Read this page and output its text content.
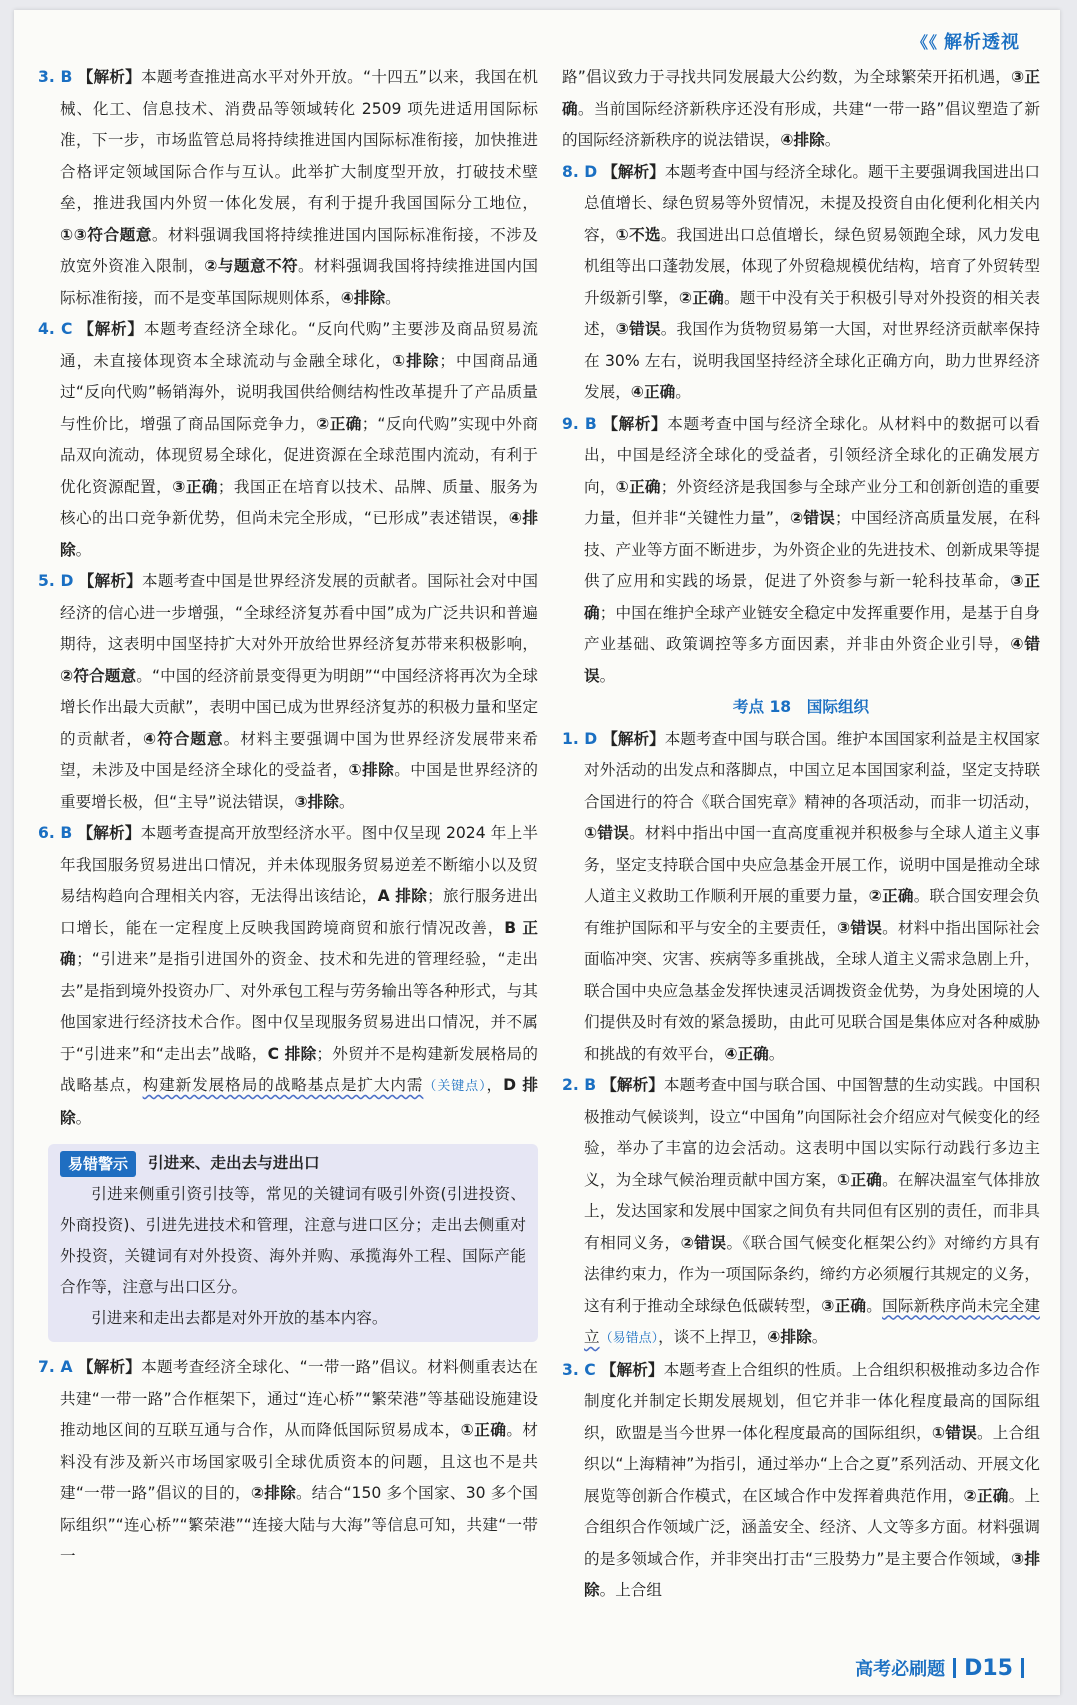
《《 解析透视

3. B 【解析】本题考查推进高水平对外开放。“十四五”以来，我国在机械、化工、信息技术、消费品等领域转化 2509 项先进适用国际标准，下一步，市场监管总局将持续推进国内国际标准衔接，加快推进合格评定领域国际合作与互认。此举扩大制度型开放，打破技术壁垒，推进我国内外贸一体化发展，有利于提升我国国际分工地位，①③符合题意。材料强调我国将持续推进国内国际标准衔接，不涉及放宽外资准入限制，②与题意不符。材料强调我国将持续推进国内国际标准衔接，而不是变革国际规则体系，④排除。

4. C 【解析】本题考查经济全球化。“反向代购”主要涉及商品贸易流通，未直接体现资本全球流动与金融全球化，①排除；中国商品通过“反向代购”畅销海外，说明我国供给侧结构性改革提升了产品质量与性价比，增强了商品国际竞争力，②正确；“反向代购”实现中外商品双向流动，体现贸易全球化，促进资源在全球范围内流动，有利于优化资源配置，③正确；我国正在培育以技术、品牌、质量、服务为核心的出口竞争新优势，但尚未完全形成，“已形成”表述错误，④排除。

5. D 【解析】本题考查中国是世界经济发展的贡献者。国际社会对中国经济的信心进一步增强，“全球经济复苏看中国”成为广泛共识和普遍期待，这表明中国坚持扩大对外开放给世界经济复苏带来积极影响，②符合题意。“中国的经济前景变得更为明朗”“中国经济将再次为全球增长作出最大贡献”，表明中国已成为世界经济复苏的积极力量和坚定的贡献者，④符合题意。材料主要强调中国为世界经济发展带来希望，未涉及中国是经济全球化的受益者，①排除。中国是世界经济的重要增长极，但“主导”说法错误，③排除。

6. B 【解析】本题考查提高开放型经济水平。图中仅呈现 2024 年上半年我国服务贸易进出口情况，并未体现服务贸易逆差不断缩小以及贸易结构趋向合理相关内容，无法得出该结论，A 排除；旅行服务进出口增长，能在一定程度上反映我国跨境商贸和旅行情况改善，B 正确；“引进来”是指引进国外的资金、技术和先进的管理经验，“走出去”是指到境外投资办厂、对外承包工程与劳务输出等各种形式，与其他国家进行经济技术合作。图中仅呈现服务贸易进出口情况，并不属于“引进来”和“走出去”战略，C 排除；外贸并不是构建新发展格局的战略基点，构建新发展格局的战略基点是扩大内需（关键点），D 排除。

易错警示	引进来、走出去与进出口

引进来侧重引资引技等，常见的关键词有吸引外资(引进投资、外商投资)、引进先进技术和管理，注意与进口区分；走出去侧重对外投资，关键词有对外投资、海外并购、承揽海外工程、国际产能合作等，注意与出口区分。

引进来和走出去都是对外开放的基本内容。

7. A 【解析】本题考查经济全球化、“一带一路”倡议。材料侧重表达在共建“一带一路”合作框架下，通过“连心桥”“繁荣港”等基础设施建设推动地区间的互联互通与合作，从而降低国际贸易成本，①正确。材料没有涉及新兴市场国家吸引全球优质资本的问题，且这也不是共建“一带一路”倡议的目的，②排除。结合“150 多个国家、30 多个国际组织”“连心桥”“繁荣港”“连接大陆与大海”等信息可知，共建“一带一

路”倡议致力于寻找共同发展最大公约数，为全球繁荣开拓机遇，③正确。当前国际经济新秩序还没有形成，共建“一带一路”倡议塑造了新的国际经济新秩序的说法错误，④排除。

8. D 【解析】本题考查中国与经济全球化。题干主要强调我国进出口总值增长、绿色贸易等外贸情况，未提及投资自由化便利化相关内容，①不选。我国进出口总值增长，绿色贸易领跑全球，风力发电机组等出口蓬勃发展，体现了外贸稳规模优结构，培育了外贸转型升级新引擎，②正确。题干中没有关于积极引导对外投资的相关表述，③错误。我国作为货物贸易第一大国，对世界经济贡献率保持在 30% 左右，说明我国坚持经济全球化正确方向，助力世界经济发展，④正确。

9. B 【解析】本题考查中国与经济全球化。从材料中的数据可以看出，中国是经济全球化的受益者，引领经济全球化的正确发展方向，①正确；外资经济是我国参与全球产业分工和创新创造的重要力量，但并非“关键性力量”，②错误；中国经济高质量发展，在科技、产业等方面不断进步，为外资企业的先进技术、创新成果等提供了应用和实践的场景，促进了外资参与新一轮科技革命，③正确；中国在维护全球产业链安全稳定中发挥重要作用，是基于自身产业基础、政策调控等多方面因素，并非由外资企业引导，④错误。

考点 18　国际组织

1. D 【解析】本题考查中国与联合国。维护本国国家利益是主权国家对外活动的出发点和落脚点，中国立足本国国家利益，坚定支持联合国进行的符合《联合国宪章》精神的各项活动，而非一切活动，①错误。材料中指出中国一直高度重视并积极参与全球人道主义事务，坚定支持联合国中央应急基金开展工作，说明中国是推动全球人道主义救助工作顺利开展的重要力量，②正确。联合国安理会负有维护国际和平与安全的主要责任，③错误。材料中指出国际社会面临冲突、灾害、疾病等多重挑战，全球人道主义需求急剧上升，联合国中央应急基金发挥快速灵活调拨资金优势，为身处困境的人们提供及时有效的紧急援助，由此可见联合国是集体应对各种威胁和挑战的有效平台，④正确。

2. B 【解析】本题考查中国与联合国、中国智慧的生动实践。中国积极推动气候谈判，设立“中国角”向国际社会介绍应对气候变化的经验，举办了丰富的边会活动。这表明中国以实际行动践行多边主义，为全球气候治理贡献中国方案，①正确。在解决温室气体排放上，发达国家和发展中国家之间负有共同但有区别的责任，而非具有相同义务，②错误。《联合国气候变化框架公约》对缔约方具有法律约束力，作为一项国际条约，缔约方必须履行其规定的义务，这有利于推动全球绿色低碳转型，③正确。国际新秩序尚未完全建立（易错点），谈不上捍卫，④排除。

3. C 【解析】本题考查上合组织的性质。上合组织积极推动多边合作制度化并制定长期发展规划，但它并非一体化程度最高的国际组织，欧盟是当今世界一体化程度最高的国际组织，①错误。上合组织以“上海精神”为指引，通过举办“上合之夏”系列活动、开展文化展览等创新合作模式，在区域合作中发挥着典范作用，②正确。上合组织合作领域广泛，涵盖安全、经济、人文等多方面。材料强调的是多领域合作，并非突出打击“三股势力”是主要合作领域，③排除。上合组

高考必刷题 D15
